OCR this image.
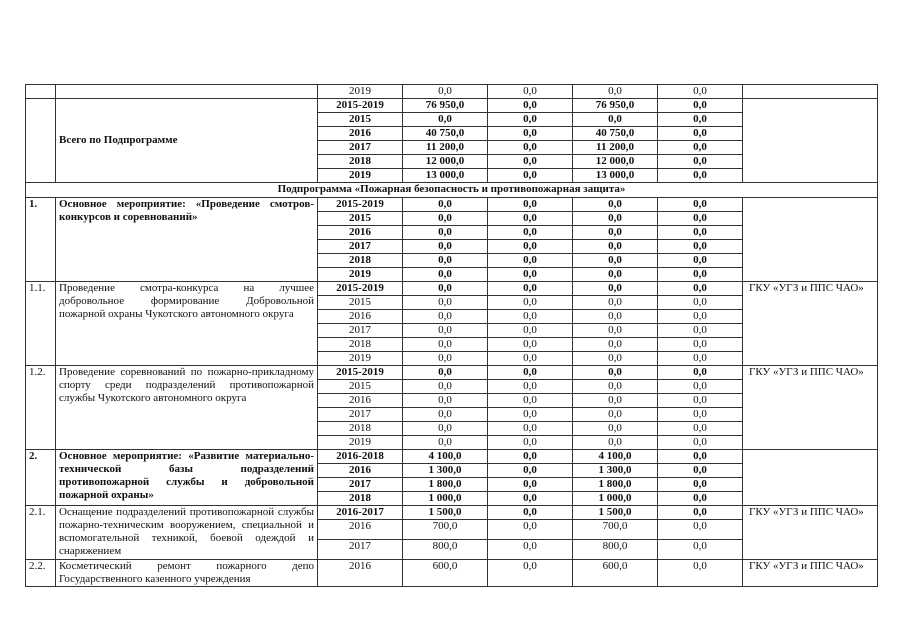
		2019	0,0	0,0	0,0	0,0	
	Всего по Подпрограмме	2015-2019	76 950,0	0,0	76 950,0	0,0	
		2015	0,0	0,0	0,0	0,0	
		2016	40 750,0	0,0	40 750,0	0,0	
		2017	11 200,0	0,0	11 200,0	0,0	
		2018	12 000,0	0,0	12 000,0	0,0	
		2019	13 000,0	0,0	13 000,0	0,0	
Подпрограмма «Пожарная безопасность и противопожарная защита»							
1.	Основное мероприятие: «Проведение смотров-конкурсов и соревнований»	2015-2019	0,0	0,0	0,0	0,0	
		2015	0,0	0,0	0,0	0,0	
		2016	0,0	0,0	0,0	0,0	
		2017	0,0	0,0	0,0	0,0	
		2018	0,0	0,0	0,0	0,0	
		2019	0,0	0,0	0,0	0,0	
1.1.	Проведение смотра-конкурса на лучшее добровольное формирование Добровольной пожарной охраны Чукотского автономного округа	2015-2019	0,0	0,0	0,0	0,0	ГКУ «УГЗ и ППС ЧАО»
		2015	0,0	0,0	0,0	0,0	
		2016	0,0	0,0	0,0	0,0	
		2017	0,0	0,0	0,0	0,0	
		2018	0,0	0,0	0,0	0,0	
		2019	0,0	0,0	0,0	0,0	
1.2.	Проведение соревнований по пожарно-прикладному спорту среди подразделений противопожарной службы Чукотского автономного округа	2015-2019	0,0	0,0	0,0	0,0	ГКУ «УГЗ и ППС ЧАО»
		2015	0,0	0,0	0,0	0,0	
		2016	0,0	0,0	0,0	0,0	
		2017	0,0	0,0	0,0	0,0	
		2018	0,0	0,0	0,0	0,0	
		2019	0,0	0,0	0,0	0,0	
2.	Основное мероприятие: «Развитие материально-технической базы подразделений противопожарной службы и добровольной пожарной охраны»	2016-2018	4 100,0	0,0	4 100,0	0,0	
		2016	1 300,0	0,0	1 300,0	0,0	
		2017	1 800,0	0,0	1 800,0	0,0	
		2018	1 000,0	0,0	1 000,0	0,0	
2.1.	Оснащение подразделений противопожарной службы пожарно-техническим вооружением, специальной и вспомогательной техникой, боевой одеждой и снаряжением	2016-2017	1 500,0	0,0	1 500,0	0,0	ГКУ «УГЗ и ППС ЧАО»
		2016	700,0	0,0	700,0	0,0	
		2017	800,0	0,0	800,0	0,0	
2.2.	Косметический ремонт пожарного депо Государственного казенного учреждения	2016	600,0	0,0	600,0	0,0	ГКУ «УГЗ и ППС ЧАО»
